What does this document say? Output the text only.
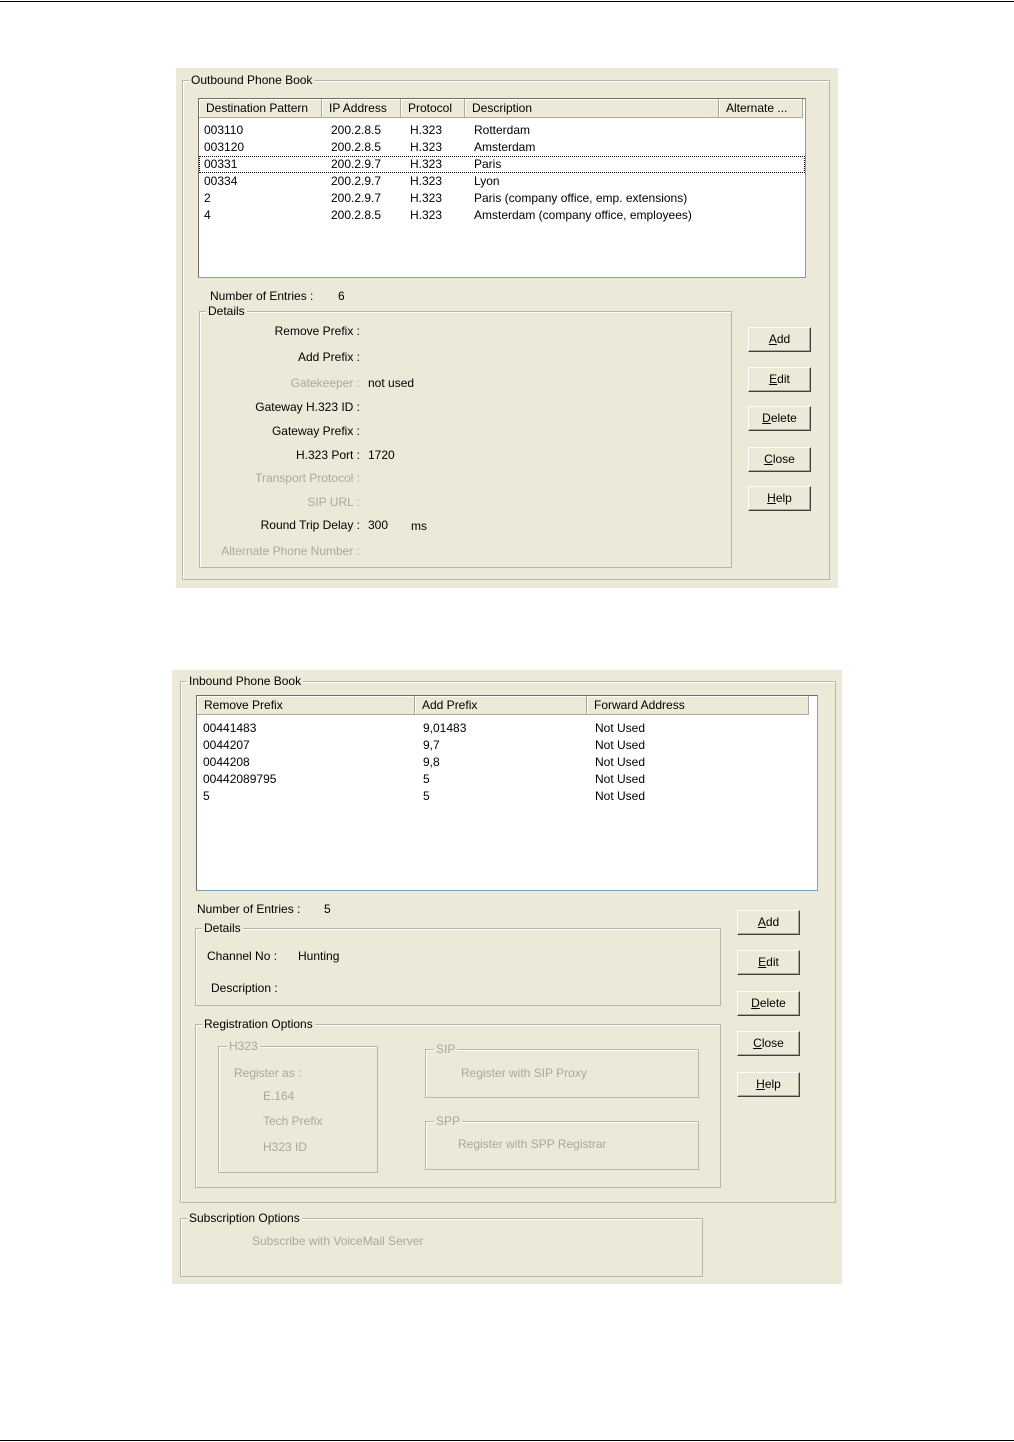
Outbound Phone Book
Destination Pattern	IP Address	Protocol	Description	Alternate ...
003110	200.2.8.5 H.323	Rotterdam
003120	200.2.8.5 H.323	Amsterdam
00331	200.2.9.7 H.323	Paris
00334	200.2.9.7 H.323	Lyon
2	200.2.9.7 H.323	Paris (company office, emp. extensions)
4	200.2.8.5 H.323	Amsterdam (company office, employees)
Number of Entries : 6
Details
Remove Prefix :
Add Prefix :
Gatekeeper : not used
Gateway H.323 ID :
Gateway Prefix :
H.323 Port : 1720
Transport Protocol :
SIP URL :
Round Trip Delay : 300 ms
Alternate Phone Number :
Add
Edit
Delete
Close
Help
Inbound Phone Book
Remove Prefix	Add Prefix	Forward Address
00441483	9,01483	Not Used
0044207	9,7	Not Used
0044208	9,8	Not Used
00442089795	5	Not Used
5	5	Not Used
Number of Entries : 5
Details
Channel No : Hunting
Description :
Registration Options
H323
Register as :
E.164
Tech Prefix
H323 ID
SIP
Register with SIP Proxy
SPP
Register with SPP Registrar
Add
Edit
Delete
Close
Help
Subscription Options
Subscribe with VoiceMail Server
